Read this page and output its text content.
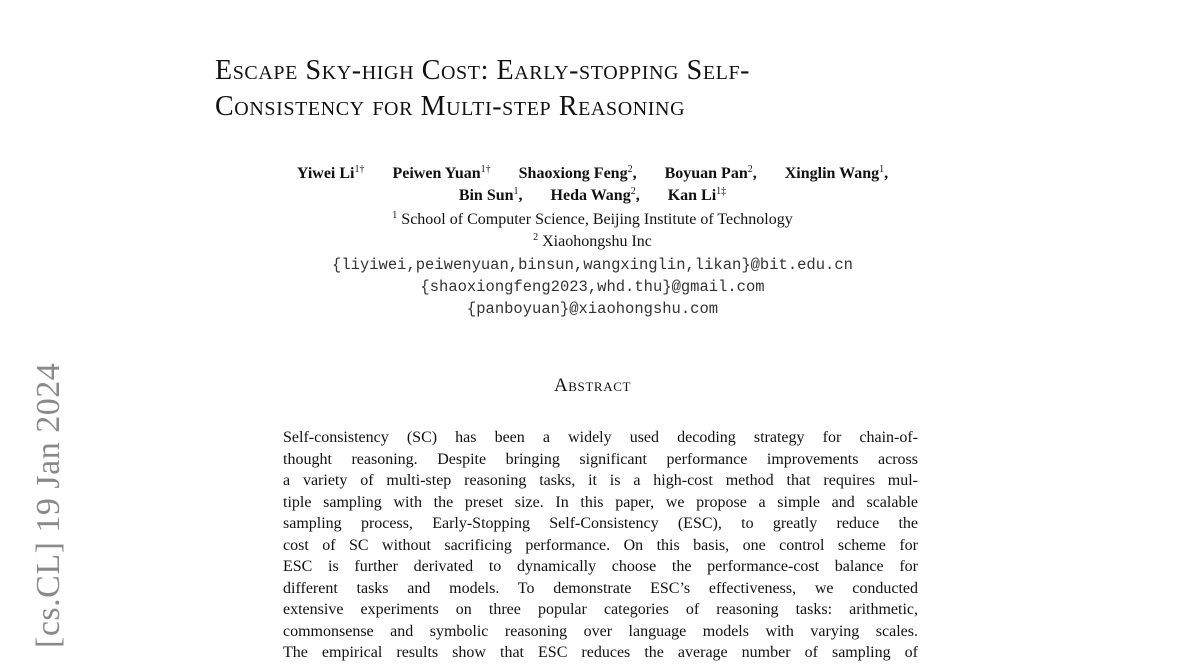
[cs.CL] 19 Jan 2024
Escape Sky-high Cost: Early-stopping Self-
Consistency for Multi-step Reasoning
Yiwei $Li^{1\dagger}$ Peiwen Yuan$^{1\dagger}$ Shaoxiong Feng$^2$, Boyuan Pan$^2$, Xinglin Wang$^1$,
Bin Sun$^1$, Heda Wang$^2$, Kan $Li^{1\ddagger}$
$^1$ School of Computer Science, Beijing Institute of Technology
$^2$ Xiaohongshu Inc
{liyiwei,peiwenyuan,binsun,wangxinglin,likan}@bit.edu.cn
{shaoxiongfeng2023,whd.thu}@gmail.com
{panboyuan}@xiaohongshu.com
Abstract
Self-consistency (SC) has been a widely used decoding strategy for chain-of-
thought reasoning. Despite bringing significant performance improvements across
a variety of multi-step reasoning tasks, it is a high-cost method that requires mul-
tiple sampling with the preset size. In this paper, we propose a simple and scalable
sampling process, Early-Stopping Self-Consistency (ESC), to greatly reduce the
cost of SC without sacrificing performance. On this basis, one control scheme for
ESC is further derivated to dynamically choose the performance-cost balance for
different tasks and models. To demonstrate ESC’s effectiveness, we conducted
extensive experiments on three popular categories of reasoning tasks: arithmetic,
commonsense and symbolic reasoning over language models with varying scales.
The empirical results show that ESC reduces the average number of sampling of
